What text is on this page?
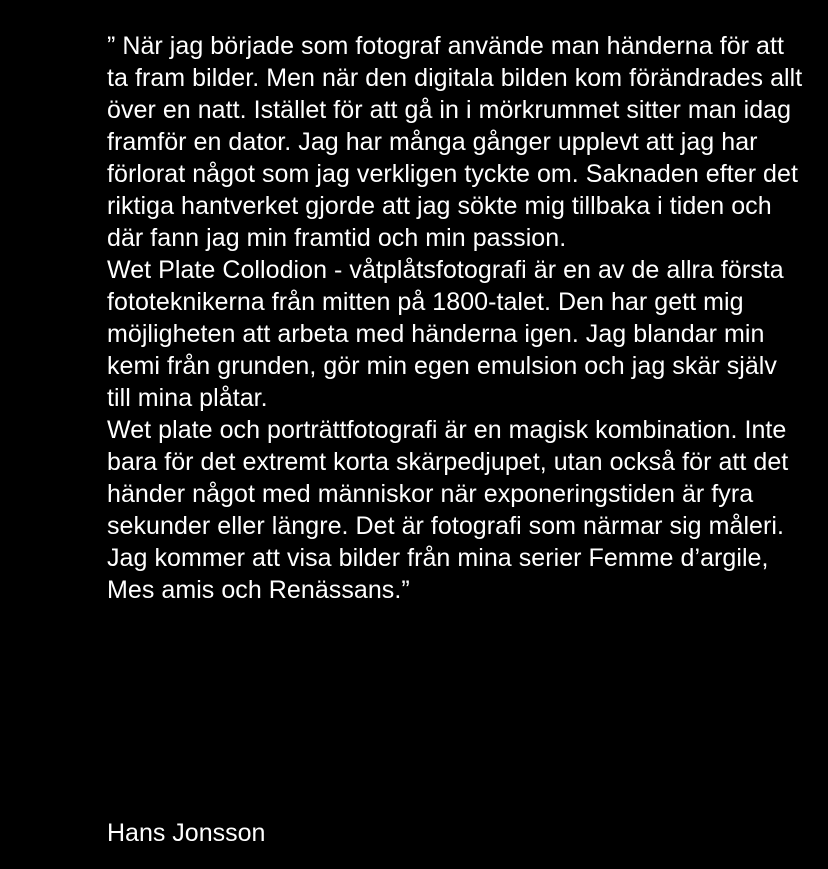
” När jag började som fotograf använde man händerna för att ta fram bilder. Men när den digitala bilden kom förändrades allt över en natt. Istället för att gå in i mörkrummet sitter man idag framför en dator. Jag har många gånger upplevt att jag har förlorat något som jag verkligen tyckte om. Saknaden efter det riktiga hantverket gjorde att jag sökte mig tillbaka i tiden och där fann jag min framtid och min passion.

Wet Plate Collodion - våtplåtsfotografi är en av de allra första fototeknikerna från mitten på 1800-talet. Den har gett mig möjligheten att arbeta med händerna igen. Jag blandar min kemi från grunden, gör min egen emulsion och jag skär själv till mina plåtar.

Wet plate och porträttfotografi är en magisk kombination. Inte bara för det extremt korta skärpedjupet, utan också för att det händer något med människor när exponeringstiden är fyra sekunder eller längre. Det är fotografi som närmar sig måleri.

Jag kommer att visa bilder från mina serier Femme d’argile, Mes amis och Renässans.”

Hans Jonsson
